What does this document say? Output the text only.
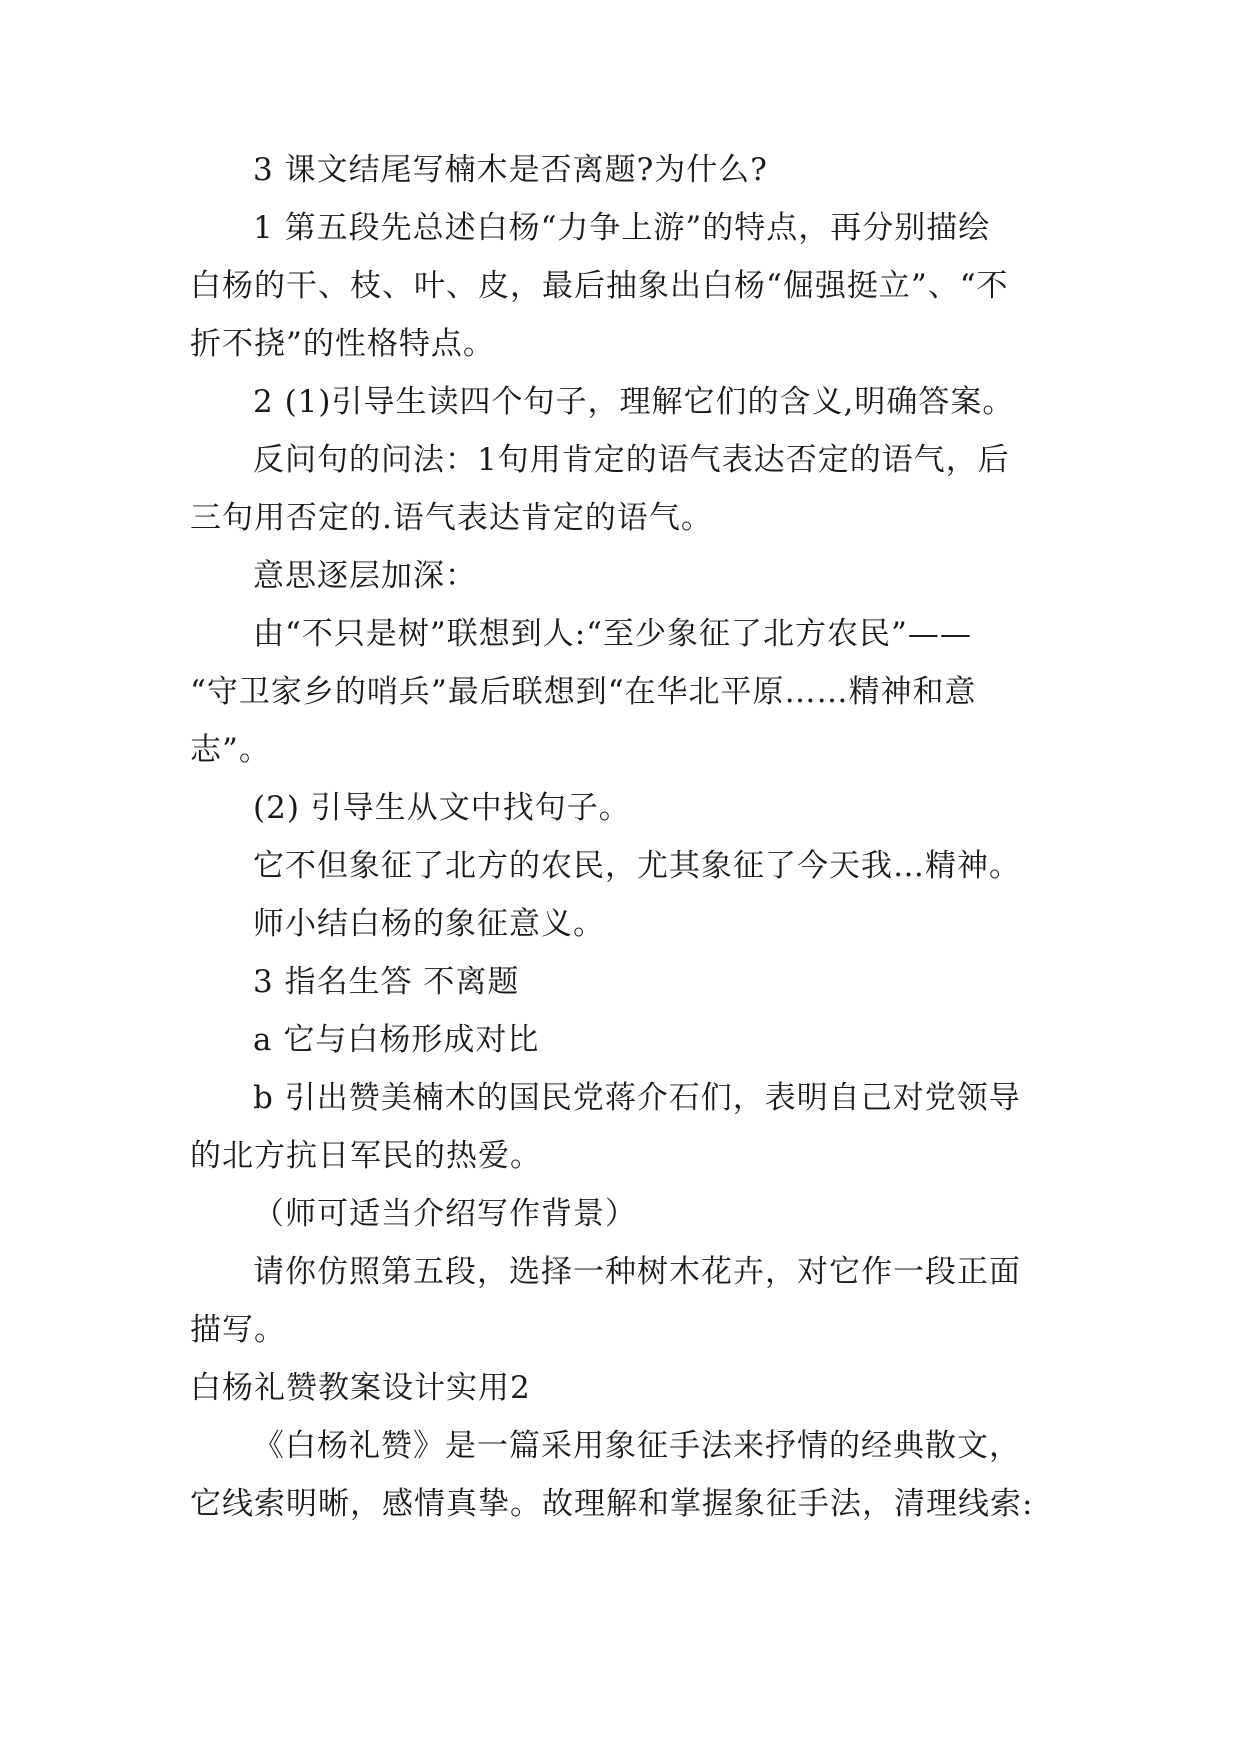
3 课文结尾写楠木是否离题?为什么?
1 第五段先总述白杨“力争上游”的特点，再分别描绘
白杨的干、枝、叶、皮，最后抽象出白杨“倔强挺立”、“不
折不挠”的性格特点。
2 (1)引导生读四个句子，理解它们的含义,明确答案。
反问句的问法：1句用肯定的语气表达否定的语气，后
三句用否定的.语气表达肯定的语气。
意思逐层加深：
由“不只是树”联想到人:“至少象征了北方农民”——
“守卫家乡的哨兵”最后联想到“在华北平原……精神和意
志”。
(2) 引导生从文中找句子。
它不但象征了北方的农民，尤其象征了今天我…精神。
师小结白杨的象征意义。
3 指名生答 不离题
a 它与白杨形成对比
b 引出赞美楠木的国民党蒋介石们，表明自己对党领导
的北方抗日军民的热爱。
（师可适当介绍写作背景）
请你仿照第五段，选择一种树木花卉，对它作一段正面
描写。
白杨礼赞教案设计实用2
《白杨礼赞》是一篇采用象征手法来抒情的经典散文，
它线索明晰，感情真挚。故理解和掌握象征手法，清理线索:
